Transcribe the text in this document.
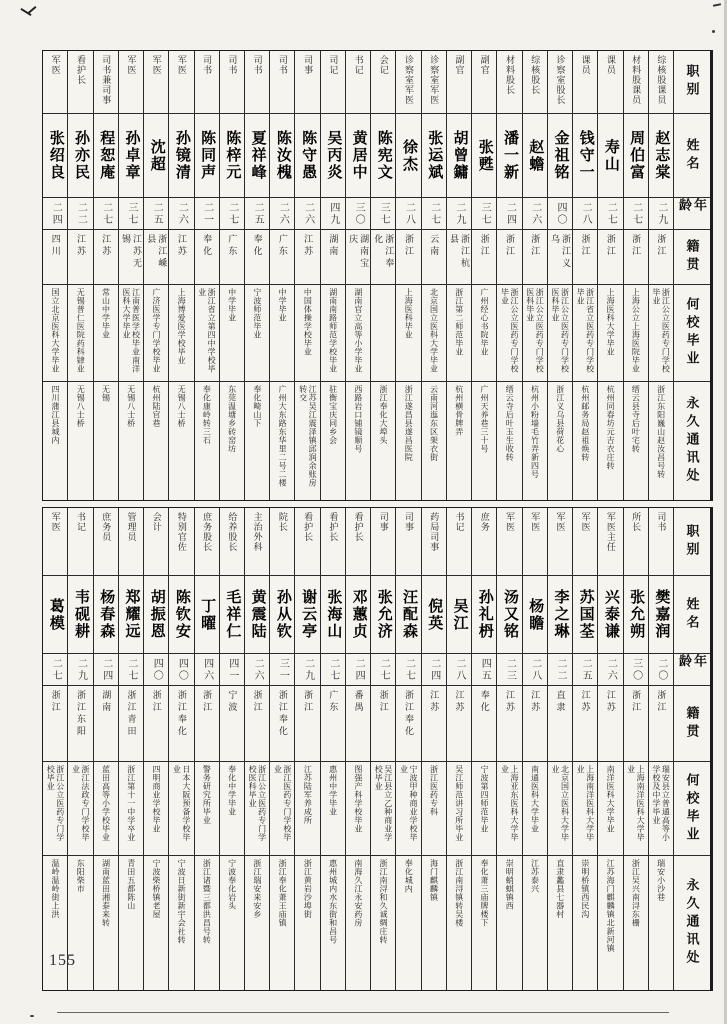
职别
姓名
年龄
籍贯
何校毕业
永久通讯处
综核股课员
赵志棠
二九
浙江
浙江公立医药专门学校毕业
浙江东阳巍山赵汝昌号转
材料股课员
周伯富
二七
浙江
上海公立上海医院毕业
缙云县寺后叶宅转
课员
寿山
二七
浙江
上海医科大学毕业
杭州同春坊元吉衣庄转
课员
钱守一
二八
浙江
浙江省立医药专门学校毕业
杭州邮务局赵祖焕转
诊察室股长
金祖铭
四〇
浙江义乌
浙江公立医药专门学校医科毕业
浙江义乌县荷花心
综核股长
赵蟾
二六
浙江
浙江公立医药专门学校医科毕业
杭州小粉墙毛竹弄新四号
材料股长
潘一新
二四
浙江
浙江公立医药专门学校毕业
缙云寺后叶玉生收转
副官
张甦
三七
浙江
广州经心书院毕业
广州天养巷三十号
副官
胡曾鏞
二九
浙江杭县
浙江第二师范毕业
杭州横骨牌弄
诊察室军医
张运斌
二七
云南
北京国立医科大学毕业
云南河迤东区架衣街
诊察室军医
徐杰
二八
浙江
上海医科毕业
浙江遂昌县遂昌医院
会记
陈宪文
三七
浙江奉化
浙江奉化大埠头
书记
黄居中
三〇
湖南宝庆
湖南官立高等小学毕业
西路岩口铺镜顺号
司记
吴丙炎
四九
湖南
湖南南路师范学校毕业
驻衡宝庆同乡会
司事
陈守愚
二六
江苏
中国体操学校毕业
江苏吴江震泽镇邱润余账房转交
司书
陈汝槐
二六
广东
中学毕业
广州大东路东华里二号二楼
司书
夏祥峰
二五
奉化
宁波师范毕业
奉化畸山下
司书
陈梓元
二七
广东
中学毕业
东莞温塘乡砖窑坊
司书
陈同声
二一
奉化
浙江省立第四中学校毕业
奉化康岭转三石
军医
孙镜清
二六
江苏
上海博爱医学校毕业
无锡八士桥
军医
沈超
二五
浙江嵊县
广济医学专门学校毕业
杭州陆官巷
军医
孙卓章
三七
江苏无锡
江南普医学校毕业南洋医科大学毕业
无锡八士桥
司书兼司事
程恕庵
二七
江苏
常山中学毕业
无锡
看护长
孙亦民
二二
江苏
无锡普仁医院药科肄业
无锡八士桥
军医
张绍良
二四
四川
国立北京医科大学毕业
四川蒲江县城内
职别
姓名
年龄
籍贯
何校毕业
永久通讯处
司书
樊嘉润
二〇
浙江
瑞安县立普通高等小学校及中学毕业
瑞安小沙巷
所长
张允朔
三〇
浙江
上海南洋医科大学毕业
浙江吴兴南浔东栅
军医主任
兴泰谦
二六
江苏
南洋医科大学毕业
江苏海门麒麟镇北新河镇
军医
苏国荃
二五
江苏
上海南洋医科大学毕业
崇明桥镇西民沟
军医
李之琳
二二
直隶
北京国立医科大学毕业
直隶蠡县七器村
军医
杨瞻
二八
江苏
南通医科大学毕业
江苏泰兴
军医
汤又铭
二三
江苏
上海亚东医科大学毕业
崇明蛸蜞镇西
庶务
孙礼枬
四五
奉化
宁波第四师范毕业
奉化萧三庙牌楼下
书记
吴江
二八
江苏
吴江师范讲习所毕业
浙江南浔镇转吴楼
药局司事
倪英
二四
江苏
浙江医药专科
海门麒麟镇
司事
汪配森
二七
浙江奉化
宁波甲种商业学校毕业
奉化城内
司事
张允济
二七
浙江
吴江县立乙种商业学校毕业
浙江南浔和久诚绸庄转
看护长
邓蕙贞
二四
番禺
图强产科学校毕业
南海久江永安药房
看护长
张海山
二七
广东
惠州中学毕业
惠州城内水东街和昌号
看护长
谢云亭
二九
浙江
江苏陆军养成所
浙江黄岩沙埠街
院长
孙从钦
三一
浙江奉化
浙江医药专门学校毕业
浙江奉化萧王庙镇
主治外科
黄震陆
二六
浙江
浙江公立医药专门学校医科毕业
浙江瑞安来安乡
给养股长
毛祥仁
四一
宁波
奉化中学毕业
宁波奉化岩头
庶务股长
丁曜
四六
浙江
警务研究所毕业
浙江诸暨三都洪昌号转
特别官佐
陈钦安
四〇
浙江奉化
日本大阪预备学校毕业
宁波日新街新宇会社转
会计
胡振恩
四〇
浙江
四明商业学校毕业
宁波柴桥镇老屋
管理员
郑耀远
二七
浙江青田
浙江第十一中学卒业
青田五都陈山
庶务员
杨春森
二四
湖南
蓝田高等小学校毕业
湖南蓝田湘泰来转
书记
韦砚耕
二九
浙江东阳
浙江法政专门学校毕业
东阳柴市
军医
葛模
二七
浙江
浙江公立医药专门学校毕业
温岭温岭街上洪
155
